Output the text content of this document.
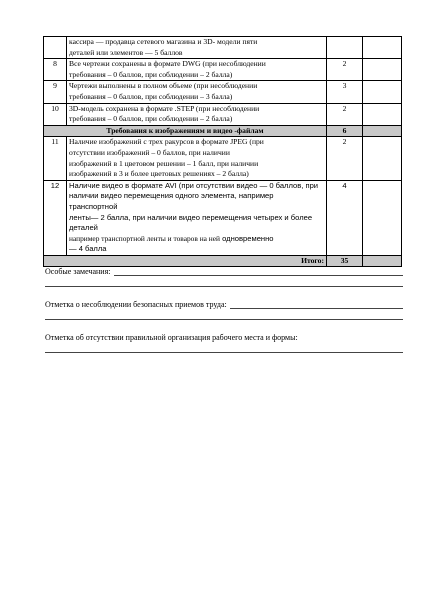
	кассира — продавца сетевого магазина и 3D- модели пяти
деталей или элементов — 5 баллов		

8	Все чертежи сохранены в формате DWG (при несоблюдении
требования – 0 баллов, при соблюдении – 2 балла)	2	
9	Чертежи выполнены в полном объеме (при несоблюдении
требования – 0 баллов, при соблюдении – 3 балла)	3	
10	3D-модель сохранена в формате .STEP (при несоблюдении
требования – 0 баллов, при соблюдении – 2 балла)	2	
Требования к изображениям и видео -файлам		6	
11	Наличие изображений с трех ракурсов в формате JPEG (при
отсутствии изображений – 0 баллов, при наличии
изображений в 1 цветовом решении – 1 балл, при наличии
изображений в 3 и более цветовых решениях – 2 балла)	2	
12	Наличие видео в формате AVI (при отсутствии видео — 0 баллов, при
наличии видео перемещения одного элемента, например транспортной
ленты— 2 балла, при наличии видео перемещения четырех и более деталей
например транспортной ленты и товаров на ней одновременно
— 4 балла	4	
Итого:		35	
Особые замечания:
Отметка о несоблюдении безопасных приемов труда:
Отметка об отсутствии правильной организация рабочего места и формы:
